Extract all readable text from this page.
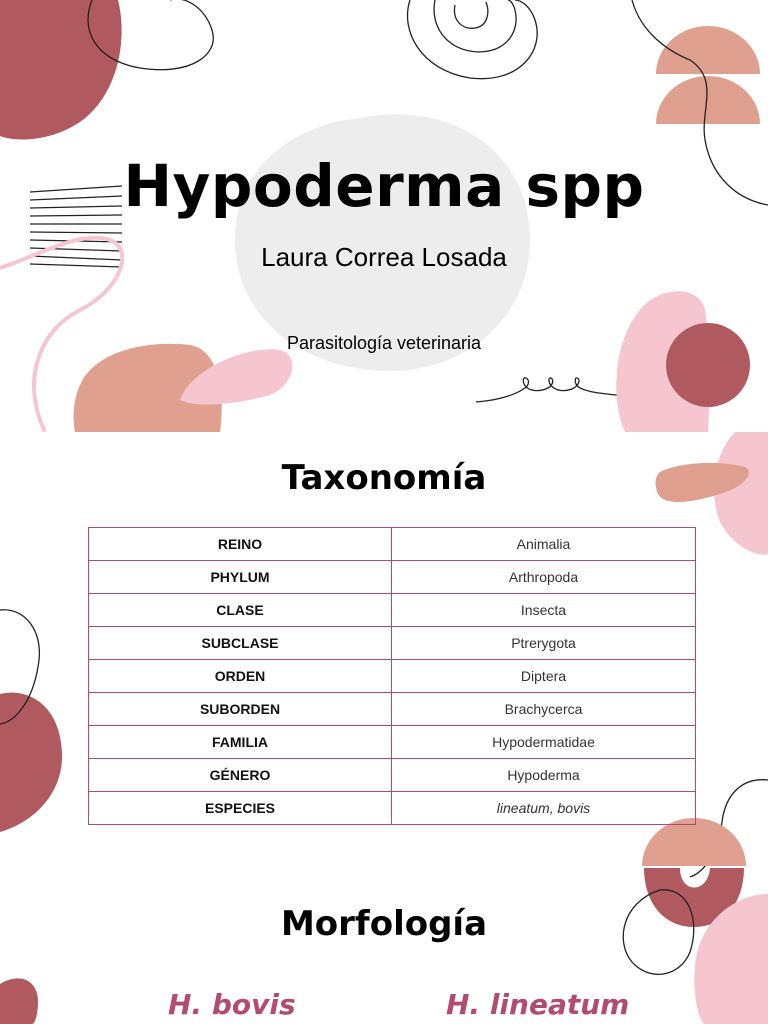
Hypoderma spp
Laura Correa Losada
Parasitología veterinaria
Taxonomía
REINO	Animalia
PHYLUM	Arthropoda
CLASE	Insecta
SUBCLASE	Ptrerygota
ORDEN	Diptera
SUBORDEN	Brachycerca
FAMILIA	Hypodermatidae
GÉNERO	Hypoderma
ESPECIES	lineatum, bovis
Morfología
H. bovis	H. lineatum
